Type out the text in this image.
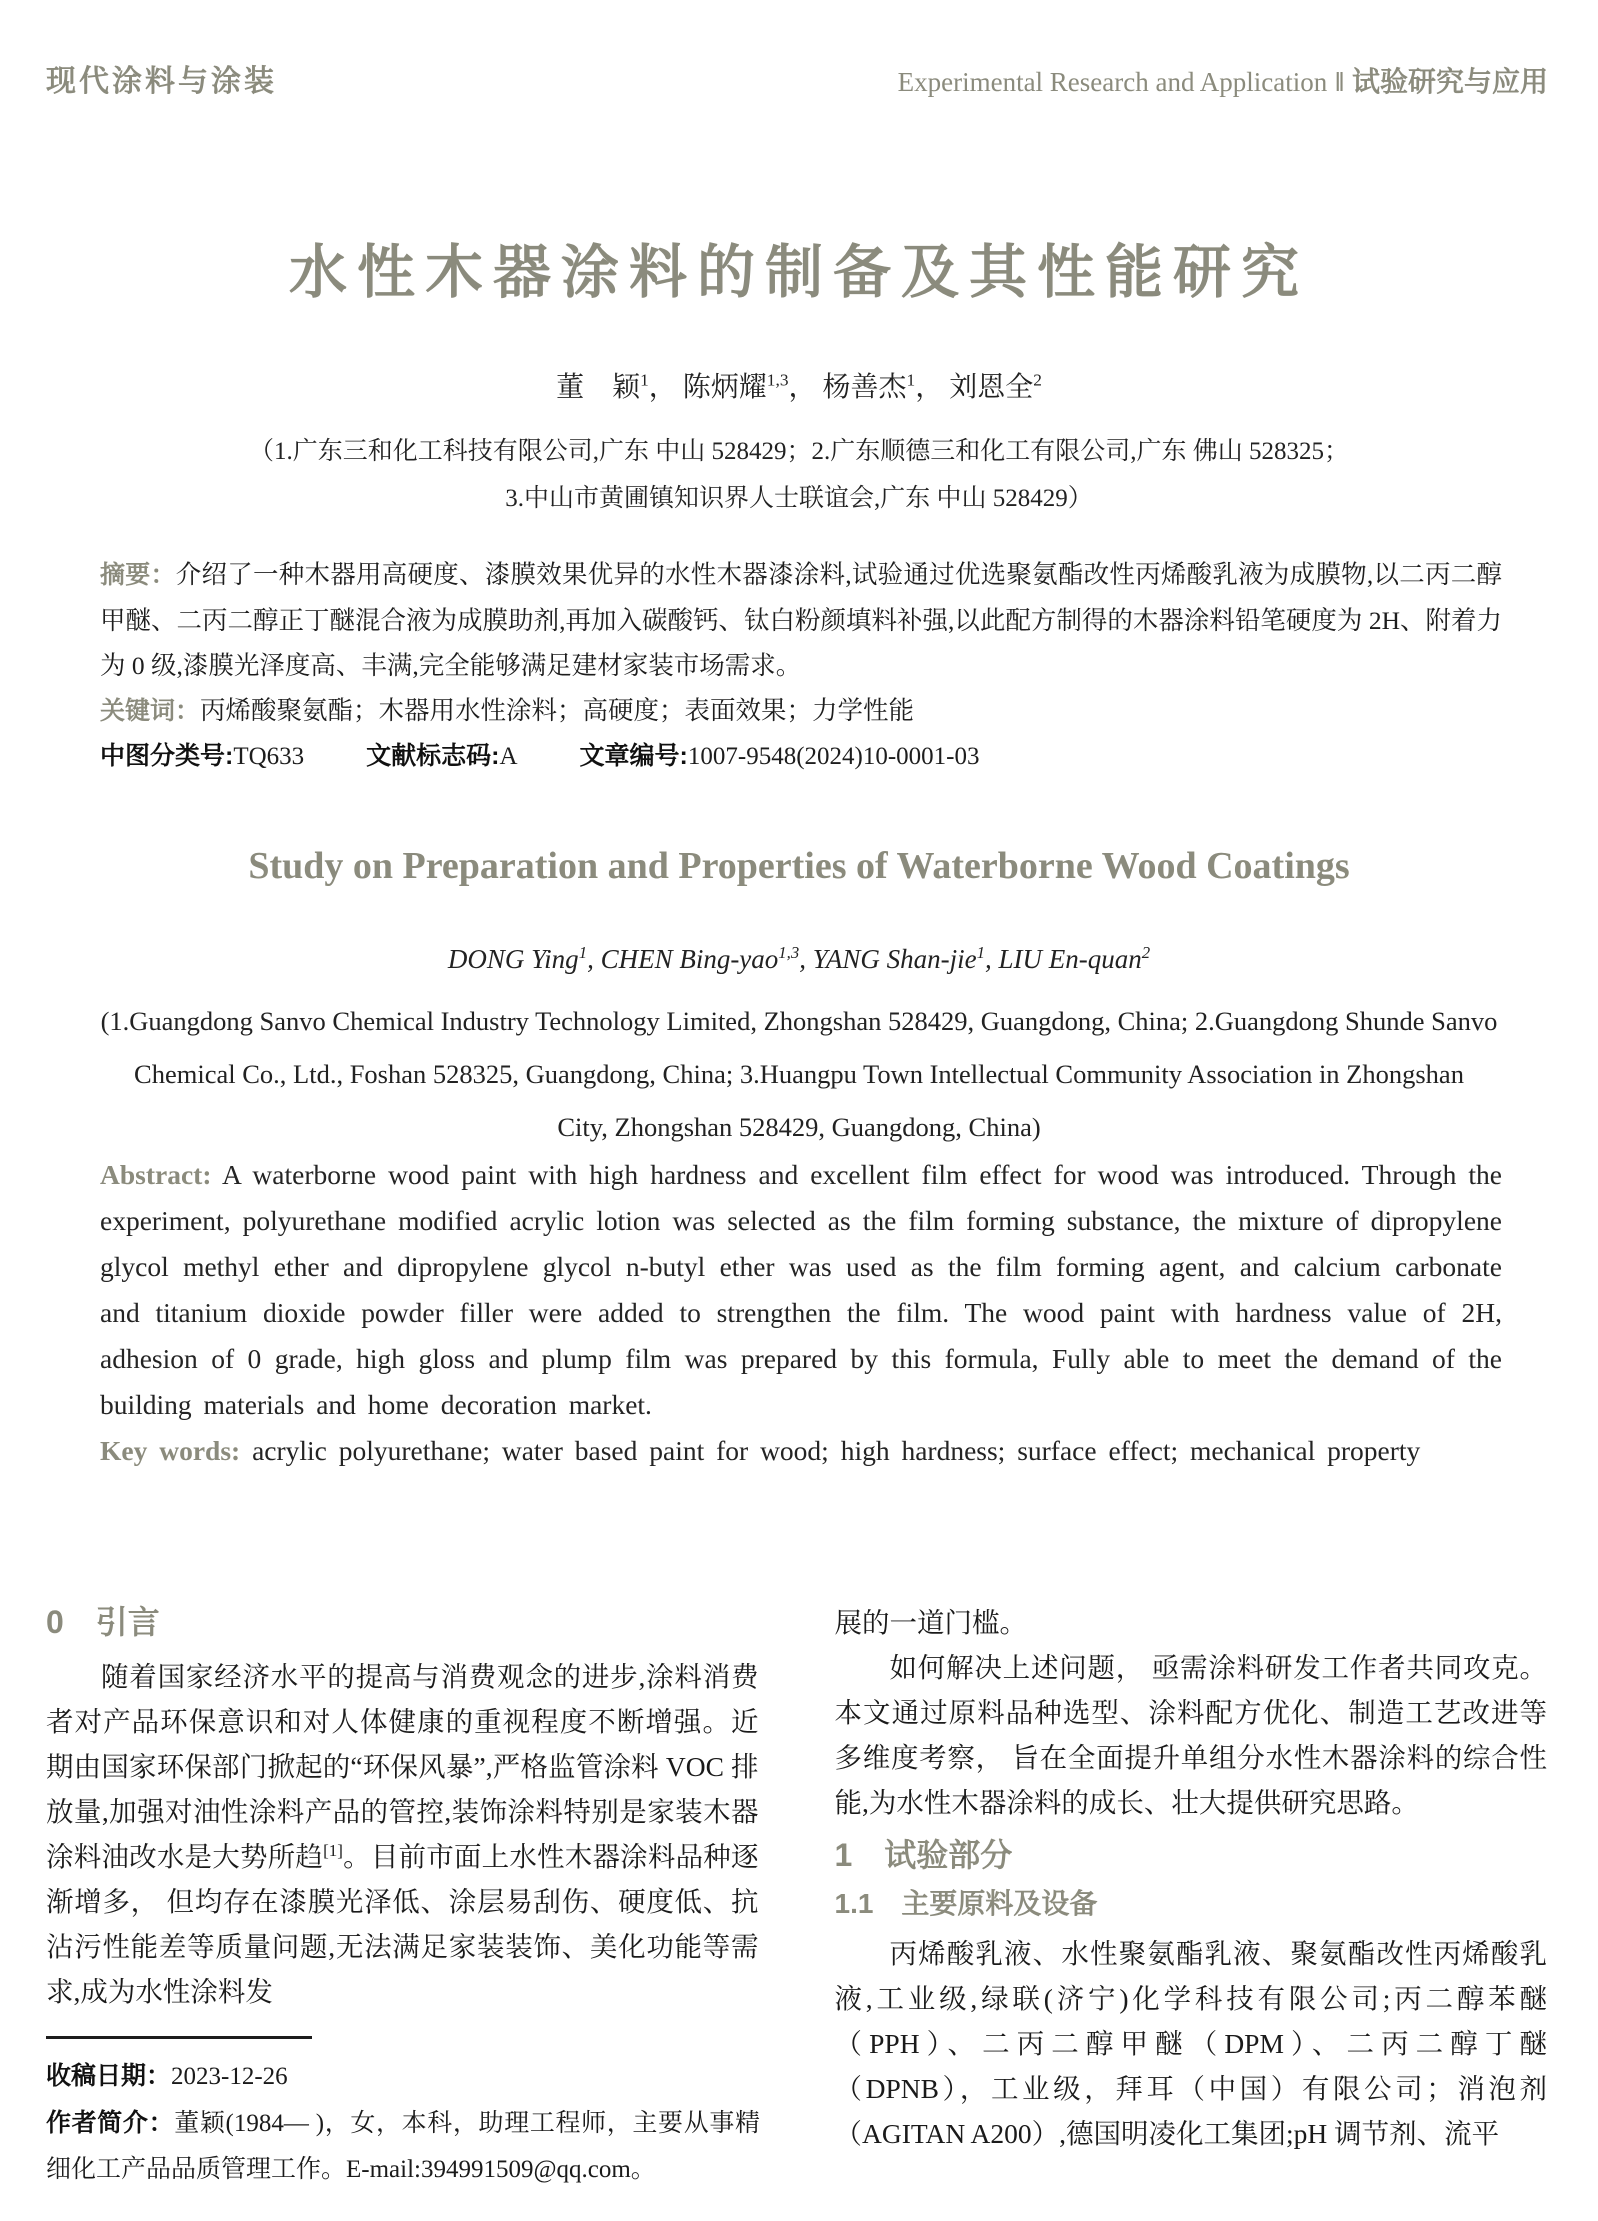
现代涂料与涂装	Experimental Research and Application ‖ 试验研究与应用
水性木器涂料的制备及其性能研究
董　颖$^1$， 陈炳耀$^{1,3}$， 杨善杰$^1$， 刘恩全$^2$
（1.广东三和化工科技有限公司,广东 中山 528429；2.广东顺德三和化工有限公司,广东 佛山 528325；
3.中山市黄圃镇知识界人士联谊会,广东 中山 528429）

摘要：介绍了一种木器用高硬度、漆膜效果优异的水性木器漆涂料,试验通过优选聚氨酯改性丙烯酸乳液为成膜物,以二丙二醇甲醚、二丙二醇正丁醚混合液为成膜助剂,再加入碳酸钙、钛白粉颜填料补强,以此配方制得的木器涂料铅笔硬度为 2H、附着力为 0 级,漆膜光泽度高、丰满,完全能够满足建材家装市场需求。

关键词：丙烯酸聚氨酯；木器用水性涂料；高硬度；表面效果；力学性能

中图分类号:TQ633 文献标志码:A 文章编号:1007-9548(2024)10-0001-03

Study on Preparation and Properties of Waterborne Wood Coatings
DONG Ying$^1$, CHEN Bing-yao$^{1,3}$, YANG Shan-jie$^1$, LIU En-quan$^2$
(1.Guangdong Sanvo Chemical Industry Technology Limited, Zhongshan 528429, Guangdong, China; 2.Guangdong Shunde Sanvo
Chemical Co., Ltd., Foshan 528325, Guangdong, China; 3.Huangpu Town Intellectual Community Association in Zhongshan
City, Zhongshan 528429, Guangdong, China)

Abstract: A waterborne wood paint with high hardness and excellent film effect for wood was introduced. Through the experiment, polyurethane modified acrylic lotion was selected as the film forming substance, the mixture of dipropylene glycol methyl ether and dipropylene glycol n-butyl ether was used as the film forming agent, and calcium carbonate and titanium dioxide powder filler were added to strengthen the film. The wood paint with hardness value of 2H, adhesion of 0 grade, high gloss and plump film was prepared by this formula, Fully able to meet the demand of the building materials and home decoration market.

Key words: acrylic polyurethane; water based paint for wood; high hardness; surface effect; mechanical property

0　引言

随着国家经济水平的提高与消费观念的进步,涂料消费者对产品环保意识和对人体健康的重视程度不断增强。近期由国家环保部门掀起的“环保风暴”,严格监管涂料 VOC 排放量,加强对油性涂料产品的管控,装饰涂料特别是家装木器涂料油改水是大势所趋[1]。目前市面上水性木器涂料品种逐渐增多， 但均存在漆膜光泽低、涂层易刮伤、硬度低、抗沾污性能差等质量问题,无法满足家装装饰、美化功能等需求,成为水性涂料发

展的一道门槛。

如何解决上述问题， 亟需涂料研发工作者共同攻克。本文通过原料品种选型、涂料配方优化、制造工艺改进等多维度考察， 旨在全面提升单组分水性木器涂料的综合性能,为水性木器涂料的成长、壮大提供研究思路。

1　试验部分
1.1　主要原料及设备

丙烯酸乳液、水性聚氨酯乳液、聚氨酯改性丙烯酸乳液,工业级,绿联(济宁)化学科技有限公司;丙二醇苯醚（PPH）、二丙二醇甲醚（DPM）、二丙二醇丁醚（DPNB），工业级，拜耳（中国）有限公司；消泡剂（AGITAN A200）,德国明凌化工集团;pH 调节剂、流平

收稿日期：2023-12-26

作者简介：董颖(1984— )，女，本科，助理工程师，主要从事精细化工产品品质管理工作。E-mail:394991509@qq.com。
